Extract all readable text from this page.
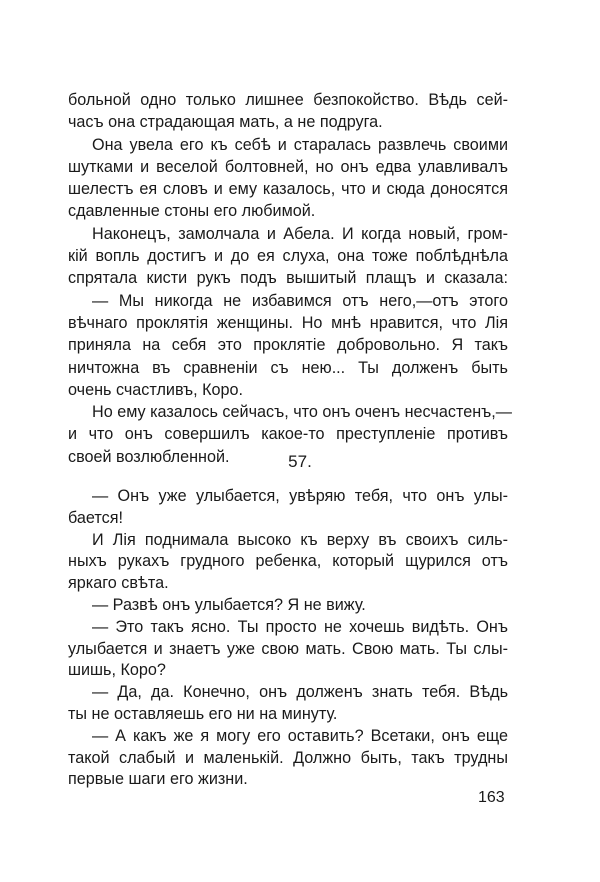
больной одно только лишнее безпокойство. Вѣдь сей-
часъ она страдающая мать, а не подруга.
Она увела его къ себѣ и старалась развлечь своими
шутками и веселой болтовней, но онъ едва улавливалъ
шелестъ ея словъ и ему казалось, что и сюда доносятся
сдавленные стоны его любимой.
Наконецъ, замолчала и Абела. И когда новый, гром-
кій вопль достигъ и до ея слуха, она тоже поблѣднѣла
спрятала кисти рукъ подъ вышитый плащъ и сказала:
— Мы никогда не избавимся отъ него,—отъ этого
вѣчнаго проклятія женщины. Но мнѣ нравится, что Лія
приняла на себя это проклятіе добровольно. Я такъ
ничтожна въ сравненіи съ нею... Ты долженъ быть
очень счастливъ, Коро.
Но ему казалось сейчасъ, что онъ оченъ несчастенъ,—
и что онъ совершилъ какое-то преступленіе противъ
своей возлюбленной.	57.
— Онъ уже улыбается, увѣряю тебя, что онъ улы-
бается!
И Лія поднимала высоко къ верху въ своихъ силь-
ныхъ рукахъ грудного ребенка, который щурился отъ
яркаго свѣта.
— Развѣ онъ улыбается? Я не вижу.
— Это такъ ясно. Ты просто не хочешь видѣть. Онъ
улыбается и знаетъ уже свою мать. Свою мать. Ты слы-
шишь, Коро?
— Да, да. Конечно, онъ долженъ знать тебя. Вѣдь
ты не оставляешь его ни на минуту.
— А какъ же я могу его оставить? Всетаки, онъ еще
такой слабый и маленькій. Должно быть, такъ трудны
первые шаги его жизни.
163
